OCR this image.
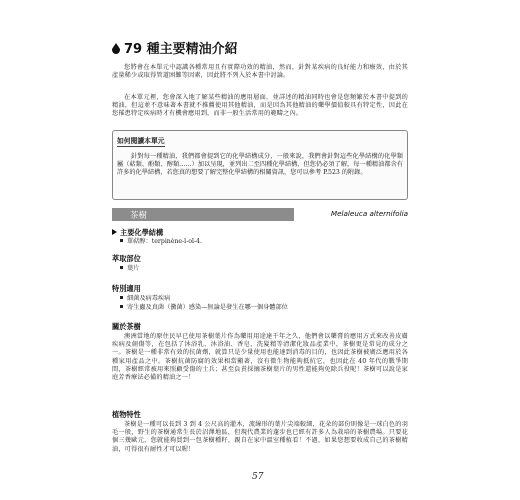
79 種主要精油介紹
您將會在本單元中認識各種常用且有實際功效的精油，然而，針對某疾病的良好能力和療效，由於其產量稀少或取得管道困難等因素，因此將不列入於本書中討論。
在本單元裡，您會深入地了解某些精油的應用層面，並詳述的精油同時也會是您頻繁於本書中提到的精油，但這並不意味著本書就不推薦使用其他精油，而是因為其他精油的藥學價值較具有特定性，因此在您罹患特定疾病時才有機會應用到，而非一般生活常用的範疇之內。
如何閱讀本單元
針對每一種精油，我們都會提到它的化學結構成分，一般來說，我們會針對這些化學結構的化學類屬（萜類、酚類、醇類……）加以呈現，並列出二至四種化學結構，但您仍必須了解，每一種精油都含有許多的化學結構，若您真的想要了解完整化學結構的相關資訊，您可以參考 P.523 的附錄。
茶樹	Melaleuca alternifolia
主要化學結構
單萜醇：terpinène-l-ol-4.
萃取部位
葉片
特別適用
細菌及病毒疾病
寄生蟲及真菌（黴菌）感染—無論是發生在哪一個身體部位
關於茶樹
澳洲當地的原住民早已使用茶樹葉片作為藥用用途達千年之久，他們會以藥膏的應用方式來改善皮膚疾病及創傷等，在包括了沐浴乳、沐浴油、香皂、洗髮精等清潔化妝品產業中，茶樹更是常見的成分之一。茶樹是一種非常有效的抗菌劑，就算只是少量使用也能達到消毒的目的，也因此茶樹被廣泛應用於各種家用產品之中。茶樹抗菌防腐的效果相當顯著，沒有微生物能夠抵抗它，也因此在 40 年代的戰爭期間，茶樹經常被用來照顧受傷的士兵；甚至負責採摘茶樹葉片的男性還能夠免除兵役呢！茶樹可以說是家庭芳香療法必備的精油之一！
植物特性
茶樹是一種可以長到 3 到 4 公尺高的灌木，流線形的葉片尖端較細，花朵的部份則像是一球白色的羽毛一般，野生的茶樹通常生長於沼澤地區，但現代農業的蓬步也已經有許多人為栽培的茶樹農場。只要花個三幾歐元，您就能夠買到一包茶樹種籽，親自在家中溫室種植看！不過，如果您想要收成自己的茶樹精油，可得很有耐性才可以喔！
57
